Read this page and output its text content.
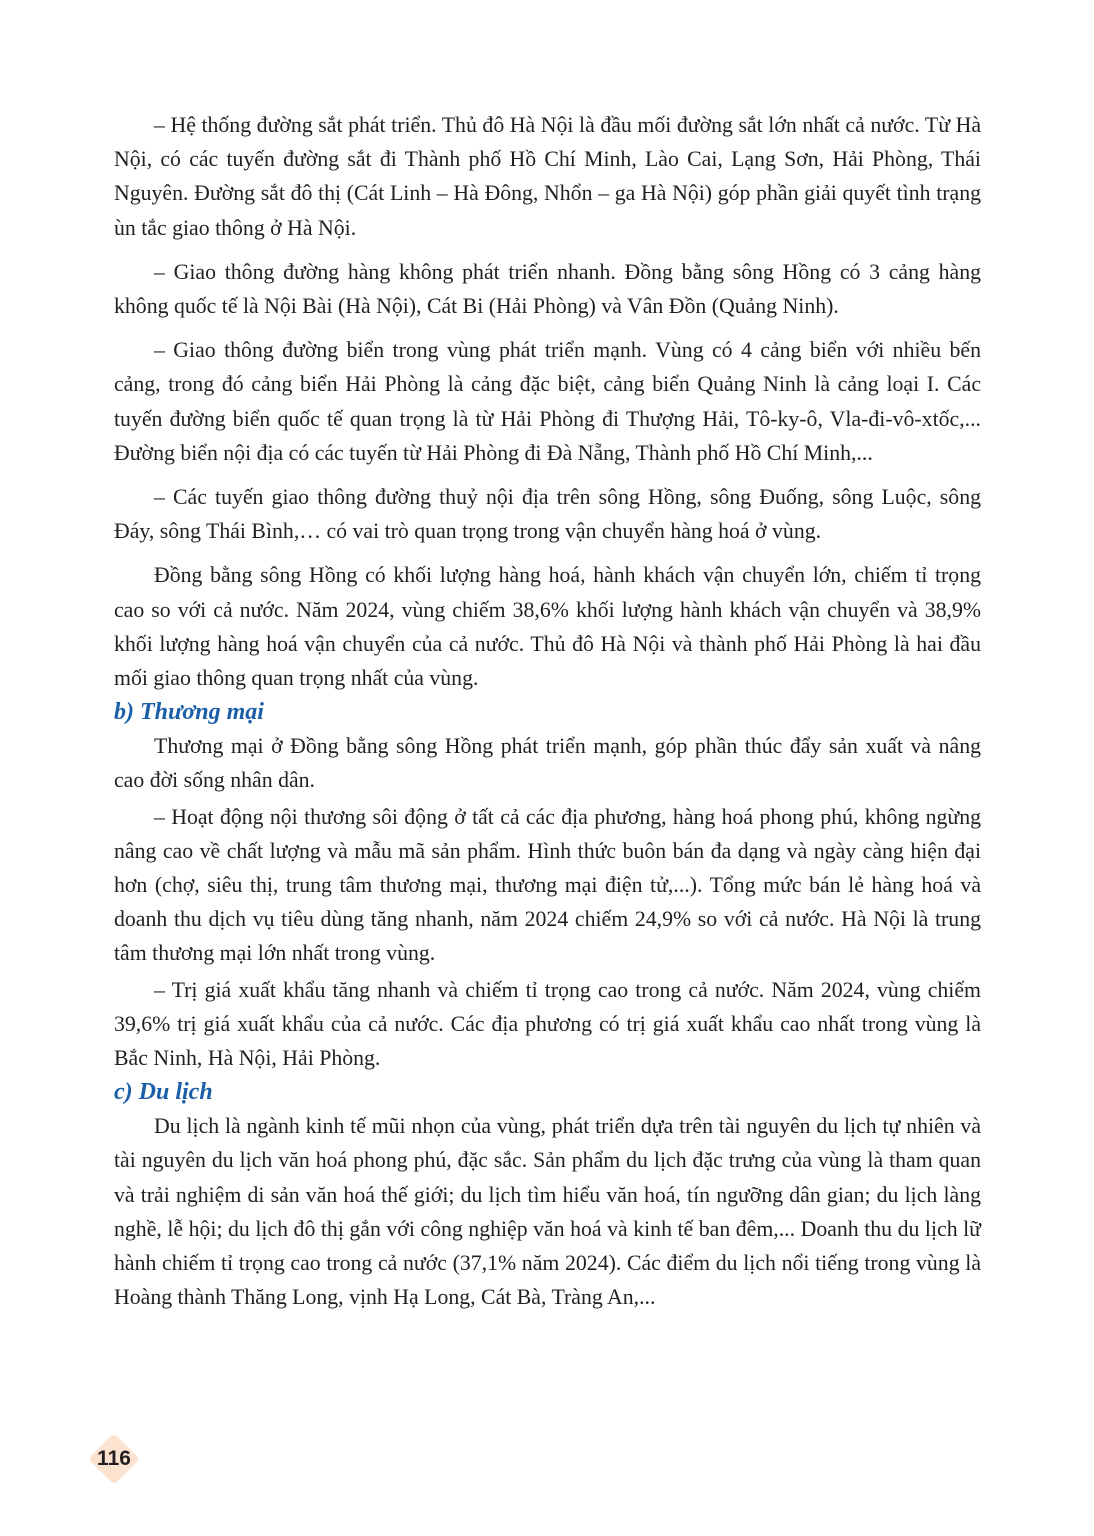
– Hệ thống đường sắt phát triển. Thủ đô Hà Nội là đầu mối đường sắt lớn nhất cả nước. Từ Hà Nội, có các tuyến đường sắt đi Thành phố Hồ Chí Minh, Lào Cai, Lạng Sơn, Hải Phòng, Thái Nguyên. Đường sắt đô thị (Cát Linh – Hà Đông, Nhổn – ga Hà Nội) góp phần giải quyết tình trạng ùn tắc giao thông ở Hà Nội.

– Giao thông đường hàng không phát triển nhanh. Đồng bằng sông Hồng có 3 cảng hàng không quốc tế là Nội Bài (Hà Nội), Cát Bi (Hải Phòng) và Vân Đồn (Quảng Ninh).

– Giao thông đường biển trong vùng phát triển mạnh. Vùng có 4 cảng biển với nhiều bến cảng, trong đó cảng biển Hải Phòng là cảng đặc biệt, cảng biển Quảng Ninh là cảng loại I. Các tuyến đường biển quốc tế quan trọng là từ Hải Phòng đi Thượng Hải, Tô-ky-ô, Vla-đi-vô-xtốc,... Đường biển nội địa có các tuyến từ Hải Phòng đi Đà Nẵng, Thành phố Hồ Chí Minh,...

– Các tuyến giao thông đường thuỷ nội địa trên sông Hồng, sông Đuống, sông Luộc, sông Đáy, sông Thái Bình,… có vai trò quan trọng trong vận chuyển hàng hoá ở vùng.

Đồng bằng sông Hồng có khối lượng hàng hoá, hành khách vận chuyển lớn, chiếm tỉ trọng cao so với cả nước. Năm 2024, vùng chiếm 38,6% khối lượng hành khách vận chuyển và 38,9% khối lượng hàng hoá vận chuyển của cả nước. Thủ đô Hà Nội và thành phố Hải Phòng là hai đầu mối giao thông quan trọng nhất của vùng.

b) Thương mại

Thương mại ở Đồng bằng sông Hồng phát triển mạnh, góp phần thúc đẩy sản xuất và nâng cao đời sống nhân dân.

– Hoạt động nội thương sôi động ở tất cả các địa phương, hàng hoá phong phú, không ngừng nâng cao về chất lượng và mẫu mã sản phẩm. Hình thức buôn bán đa dạng và ngày càng hiện đại hơn (chợ, siêu thị, trung tâm thương mại, thương mại điện tử,...). Tổng mức bán lẻ hàng hoá và doanh thu dịch vụ tiêu dùng tăng nhanh, năm 2024 chiếm 24,9% so với cả nước. Hà Nội là trung tâm thương mại lớn nhất trong vùng.

– Trị giá xuất khẩu tăng nhanh và chiếm tỉ trọng cao trong cả nước. Năm 2024, vùng chiếm 39,6% trị giá xuất khẩu của cả nước. Các địa phương có trị giá xuất khẩu cao nhất trong vùng là Bắc Ninh, Hà Nội, Hải Phòng.

c) Du lịch

Du lịch là ngành kinh tế mũi nhọn của vùng, phát triển dựa trên tài nguyên du lịch tự nhiên và tài nguyên du lịch văn hoá phong phú, đặc sắc. Sản phẩm du lịch đặc trưng của vùng là tham quan và trải nghiệm di sản văn hoá thế giới; du lịch tìm hiểu văn hoá, tín ngưỡng dân gian; du lịch làng nghề, lễ hội; du lịch đô thị gắn với công nghiệp văn hoá và kinh tế ban đêm,... Doanh thu du lịch lữ hành chiếm tỉ trọng cao trong cả nước (37,1% năm 2024). Các điểm du lịch nổi tiếng trong vùng là Hoàng thành Thăng Long, vịnh Hạ Long, Cát Bà, Tràng An,...

116
